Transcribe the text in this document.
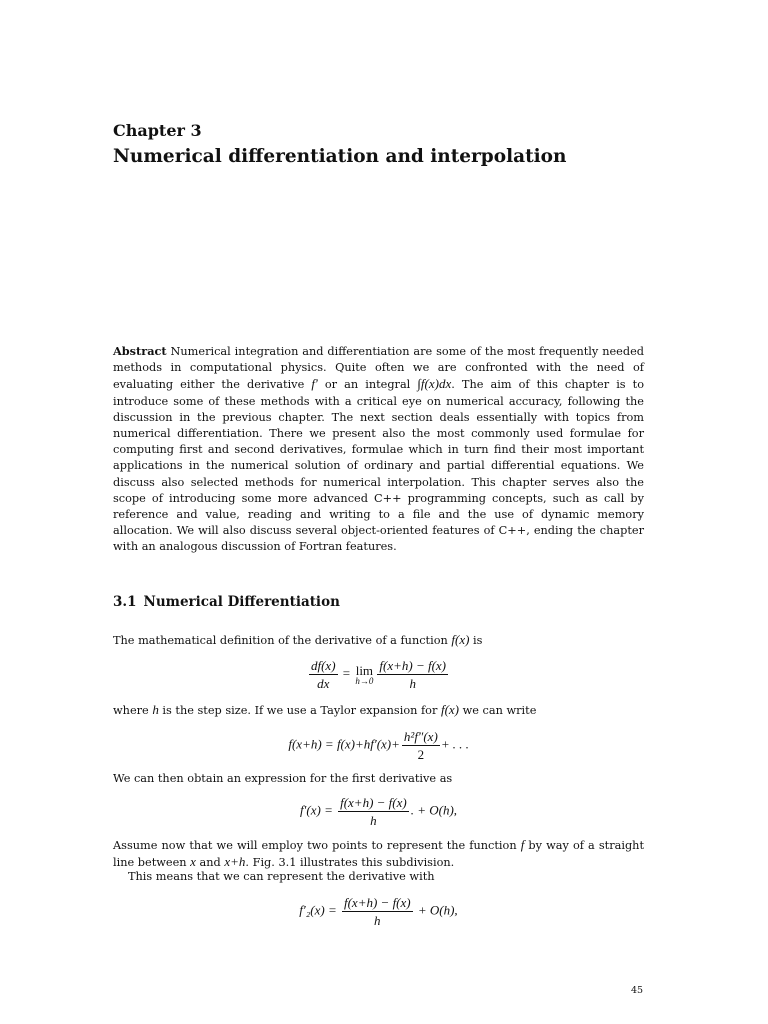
Chapter 3
Numerical differentiation and interpolation
Abstract Numerical integration and differentiation are some of the most frequently needed methods in computational physics. Quite often we are confronted with the need of evaluating either the derivative f′ or an integral ∫f(x)dx. The aim of this chapter is to introduce some of these methods with a critical eye on numerical accuracy, following the discussion in the previous chapter. The next section deals essentially with topics from numerical differentiation. There we present also the most commonly used formulae for computing first and second derivatives, formulae which in turn find their most important applications in the numerical solution of ordinary and partial differential equations. We discuss also selected methods for numerical interpolation. This chapter serves also the scope of introducing some more advanced C++ programming concepts, such as call by reference and value, reading and writing to a file and the use of dynamic memory allocation. We will also discuss several object-oriented features of C++, ending the chapter with an analogous discussion of Fortran features.
3.1 Numerical Differentiation
The mathematical definition of the derivative of a function f(x) is
$\frac{df(x)}{dx} = \lim$
$h\to 0 \frac{f(x+h) - f(x)}{h}$
where h is the step size. If we use a Taylor expansion for f(x) we can write
$f(x+h) = f(x)+hf'(x)+ \frac{\text{h²f″(x)}}{2}$ + . . .
We can then obtain an expression for the first derivative as
$f'(x) = \frac{f(x+h) - f(x)}{h}$ . + O(h),
Assume now that we will employ two points to represent the function f by way of a straight line between x and x+h. Fig. 3.1 illustrates this subdivision.
This means that we can represent the derivative with
$f'_2(x) = \frac{f(x+h) - f(x)}{h} + O(h)$,
45
